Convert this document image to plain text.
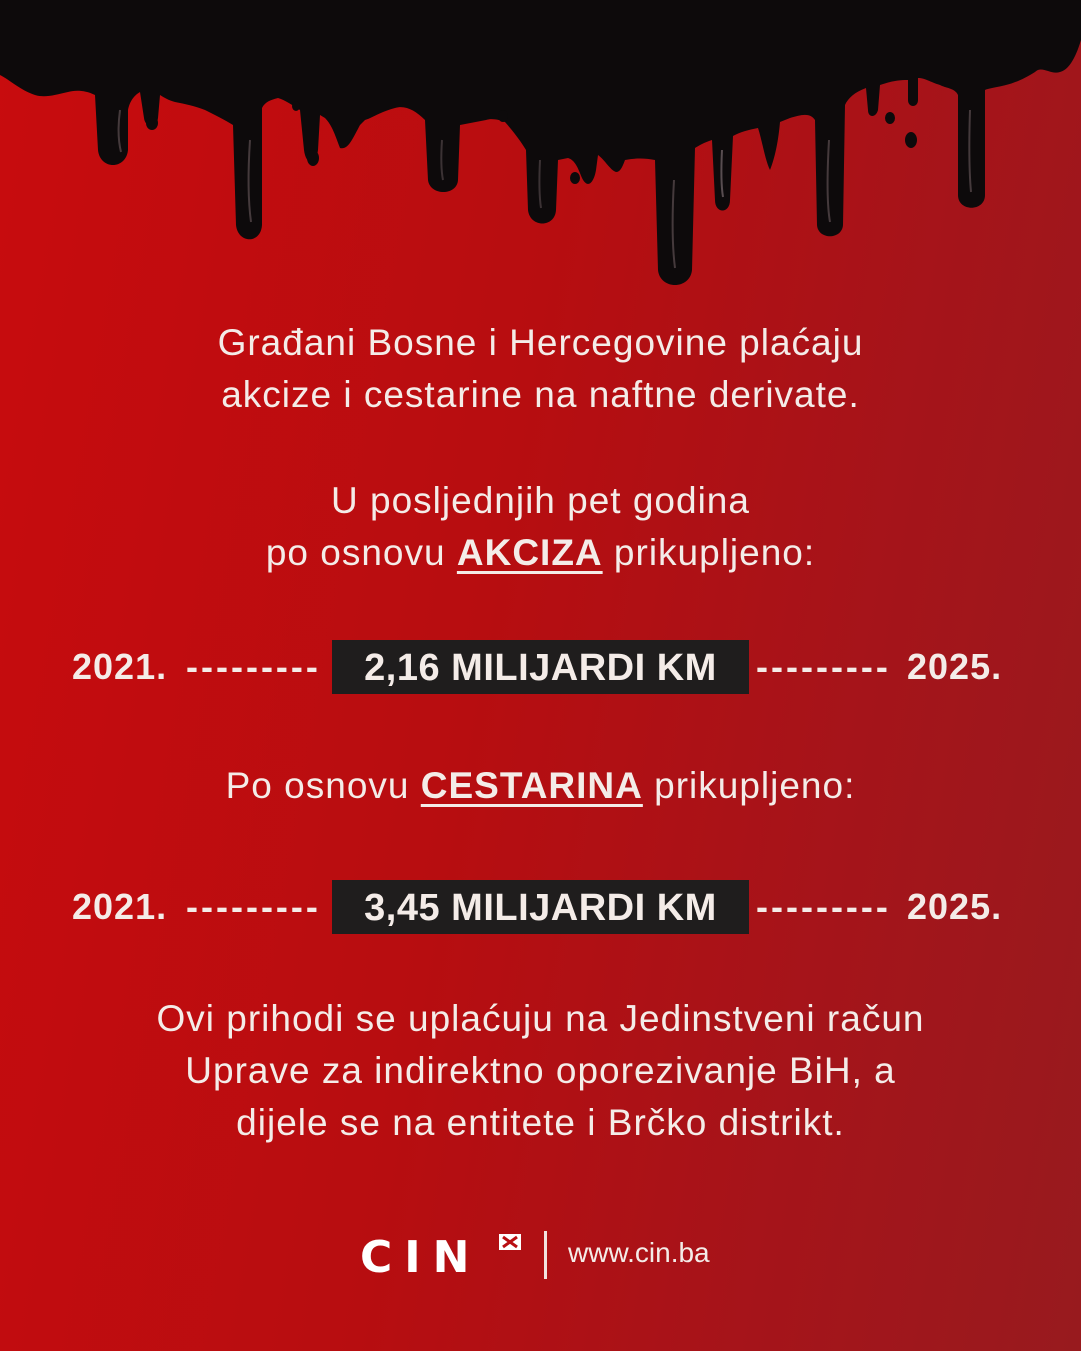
Građani Bosne i Hercegovine plaćaju
akcize i cestarine na naftne derivate.
U posljednjih pet godina
po osnovu AKCIZA prikupljeno:
2021. ---------	2,16 MILIJARDI KM	--------- 2025.
Po osnovu CESTARINA prikupljeno:
2021. ---------	3,45 MILIJARDI KM	--------- 2025.
Ovi prihodi se uplaćuju na Jedinstveni račun
Uprave za indirektno oporezivanje BiH, a
dijele se na entitete i Brčko distrikt.
CIN	www.cin.ba
